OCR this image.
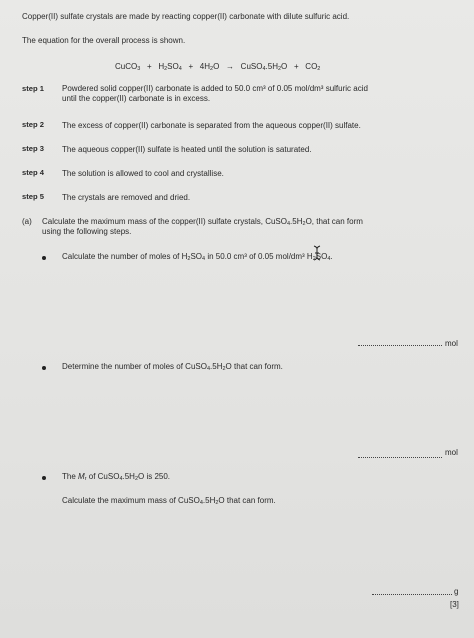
Copper(II) sulfate crystals are made by reacting copper(II) carbonate with dilute sulfuric acid.
The equation for the overall process is shown.
CuCO$_3$ + $H_2SO_4 + 4H_2O$ → $CuSO_4.5H_2O + CO_2$
step 1 Powdered solid copper(II) carbonate is added to 50.0 cm³ of 0.05 mol/dm³ sulfuric acid
until the copper(II) carbonate is in excess.
step 2 The excess of copper(II) carbonate is separated from the aqueous copper(II) sulfate.
step 3 The aqueous copper(II) sulfate is heated until the solution is saturated.
step 4 The solution is allowed to cool and crystallise.
step 5 The crystals are removed and dried.
(a) Calculate the maximum mass of the copper(II) sulfate crystals, $CuSO_4.5H_2O$, that can form
using the following steps.
Calculate the number of moles of $H_2SO_4$ in 50.0 cm³ of 0.05 mol/dm³ $H_2SO_4$.
mol
Determine the number of moles of $CuSO_4.5H_2O$ that can form.
mol
The $M_r$ of $CuSO_4.5H_2O$ is 250.
Calculate the maximum mass of $CuSO_4.5H_2O$ that can form.
g
[3]
